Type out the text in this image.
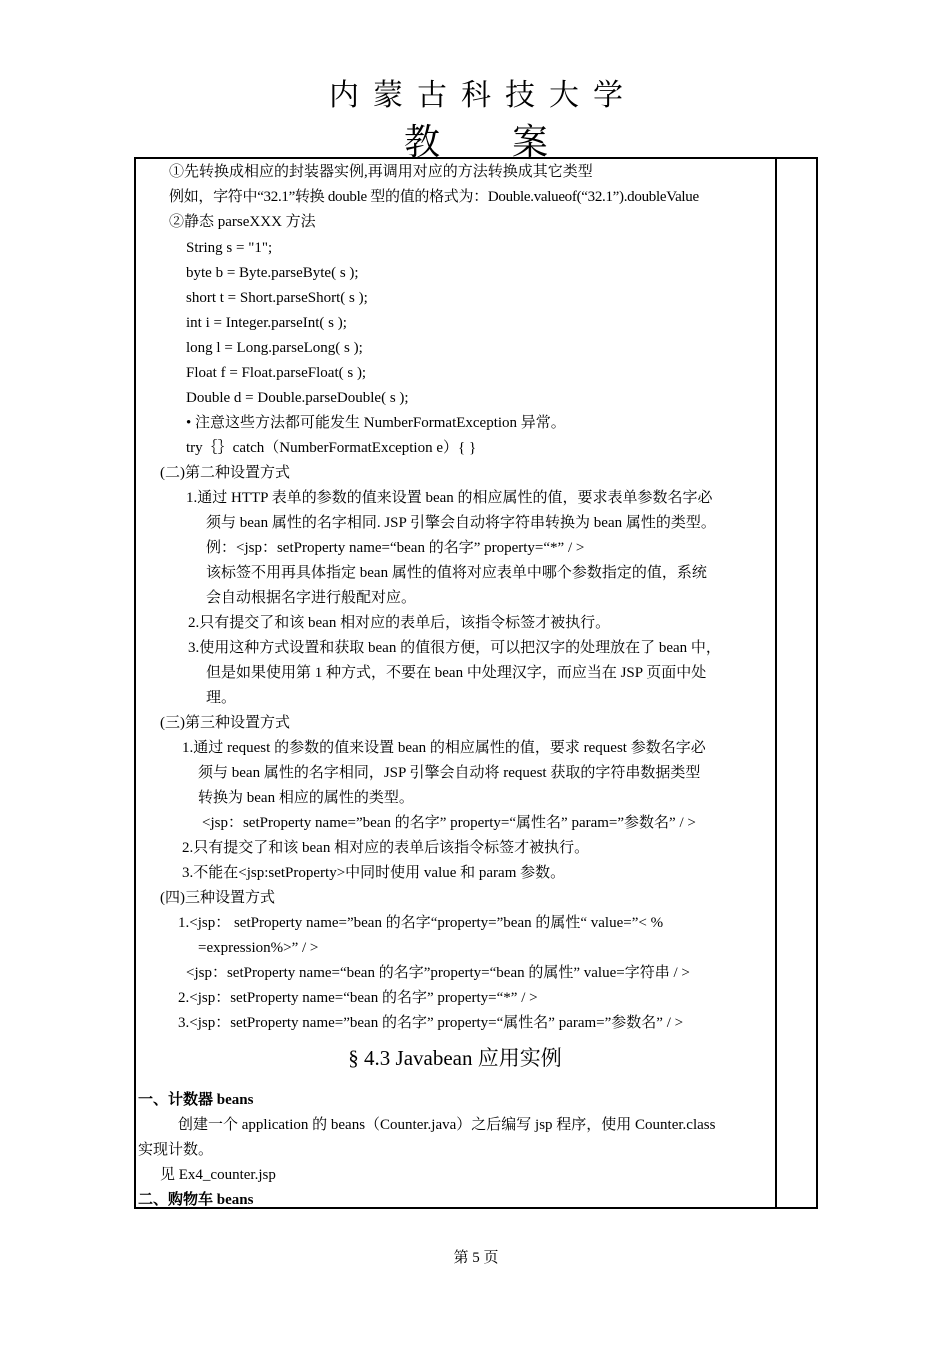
内蒙古科技大学
教案
①先转换成相应的封装器实例,再调用对应的方法转换成其它类型
例如，字符中“32.1”转换 double 型的值的格式为：Double.valueof(“32.1”).doubleValue
②静态 parseXXX 方法
String s = "1";
byte b = Byte.parseByte( s );
short t = Short.parseShort( s );
int i = Integer.parseInt( s );
long l = Long.parseLong( s );
Float f = Float.parseFloat( s );
Double d = Double.parseDouble( s );
• 注意这些方法都可能发生 NumberFormatException 异常。
try｛｝catch（NumberFormatException e）{ }
(二)第二种设置方式
1.通过 HTTP 表单的参数的值来设置 bean 的相应属性的值，要求表单参数名字必
须与 bean 属性的名字相同. JSP 引擎会自动将字符串转换为 bean 属性的类型。
例：<jsp：setProperty name=“bean 的名字” property=“*” / >
该标签不用再具体指定 bean 属性的值将对应表单中哪个参数指定的值，系统
会自动根据名字进行般配对应。
2.只有提交了和该 bean 相对应的表单后，该指令标签才被执行。
3.使用这种方式设置和获取 bean 的值很方便，可以把汉字的处理放在了 bean 中，
但是如果使用第 1 种方式，不要在 bean 中处理汉字，而应当在 JSP 页面中处
理。
(三)第三种设置方式
1.通过 request 的参数的值来设置 bean 的相应属性的值，要求 request 参数名字必
须与 bean 属性的名字相同，JSP 引擎会自动将 request 获取的字符串数据类型
转换为 bean 相应的属性的类型。
<jsp：setProperty name=”bean 的名字” property=“属性名” param=”参数名” / >
2.只有提交了和该 bean 相对应的表单后该指令标签才被执行。
3.不能在<jsp:setProperty>中同时使用 value 和 param 参数。
(四)三种设置方式
1.<jsp： setProperty name=”bean 的名字“property=”bean 的属性“ value=”< %
=expression%>” / >
<jsp：setProperty name=“bean 的名字”property=“bean 的属性” value=字符串 / >
2.<jsp：setProperty name=“bean 的名字” property=“*” / >
3.<jsp：setProperty name=”bean 的名字” property=“属性名” param=”参数名” / >
§ 4.3 Javabean 应用实例
一、计数器 beans
创建一个 application 的 beans（Counter.java）之后编写 jsp 程序，使用 Counter.class
实现计数。
见 Ex4_counter.jsp
二、购物车 beans
第 5 页
